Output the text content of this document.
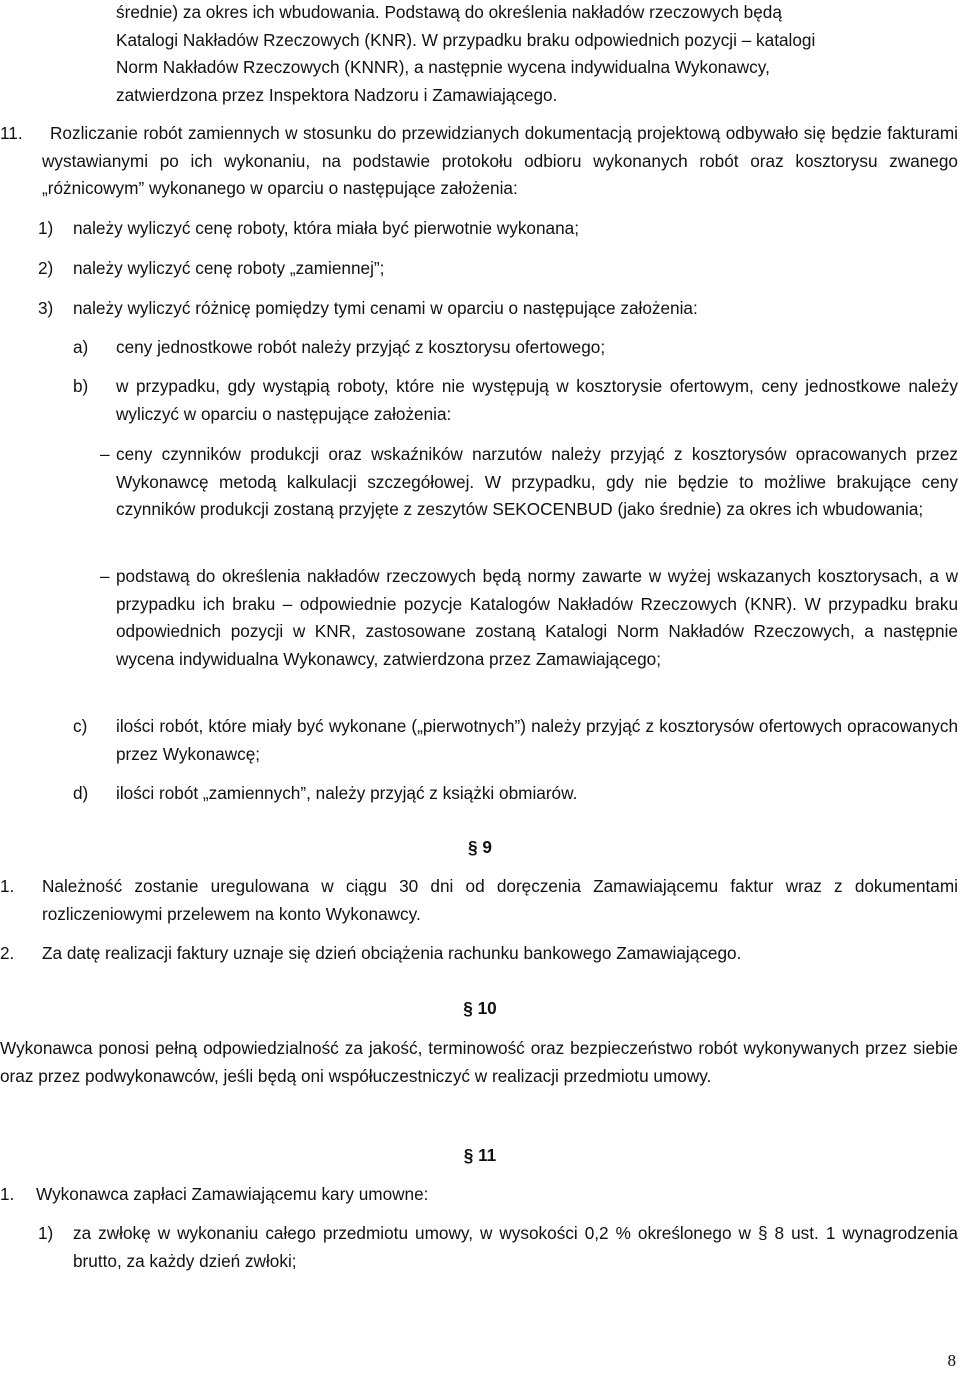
średnie) za okres ich wbudowania. Podstawą do określenia nakładów rzeczowych będą
Katalogi Nakładów Rzeczowych (KNR). W przypadku braku odpowiednich pozycji – katalogi
Norm Nakładów Rzeczowych (KNNR), a następnie wycena indywidualna Wykonawcy,
zatwierdzona przez Inspektora Nadzoru i Zamawiającego.
11.	Rozliczanie robót zamiennych w stosunku do przewidzianych dokumentacją projektową odbywało się będzie fakturami wystawianymi po ich wykonaniu, na podstawie protokołu odbioru wykonanych robót oraz kosztorysu zwanego „różnicowym” wykonanego w oparciu o następujące założenia:
1) należy wyliczyć cenę roboty, która miała być pierwotnie wykonana;
2) należy wyliczyć cenę roboty „zamiennej”;
3) należy wyliczyć różnicę pomiędzy tymi cenami w oparciu o następujące założenia:
a) ceny jednostkowe robót należy przyjąć z kosztorysu ofertowego;
b) w przypadku, gdy wystąpią roboty, które nie występują w kosztorysie ofertowym, ceny jednostkowe należy wyliczyć w oparciu o następujące założenia:
– ceny czynników produkcji oraz wskaźników narzutów należy przyjąć z kosztorysów opracowanych przez Wykonawcę metodą kalkulacji szczegółowej. W przypadku, gdy nie będzie to możliwe brakujące ceny czynników produkcji zostaną przyjęte z zeszytów SEKOCENBUD (jako średnie) za okres ich wbudowania;
– podstawą do określenia nakładów rzeczowych będą normy zawarte w wyżej wskazanych kosztorysach, a w przypadku ich braku – odpowiednie pozycje Katalogów Nakładów Rzeczowych (KNR). W przypadku braku odpowiednich pozycji w KNR, zastosowane zostaną Katalogi Norm Nakładów Rzeczowych, a następnie wycena indywidualna Wykonawcy, zatwierdzona przez Zamawiającego;
c) ilości robót, które miały być wykonane („pierwotnych”) należy przyjąć z kosztorysów ofertowych opracowanych przez Wykonawcę;
d) ilości robót „zamiennych”, należy przyjąć z książki obmiarów.
§ 9
1. Należność zostanie uregulowana w ciągu 30 dni od doręczenia Zamawiającemu faktur wraz z dokumentami rozliczeniowymi przelewem na konto Wykonawcy.
2. Za datę realizacji faktury uznaje się dzień obciążenia rachunku bankowego Zamawiającego.
§ 10
Wykonawca ponosi pełną odpowiedzialność za jakość, terminowość oraz bezpieczeństwo robót wykonywanych przez siebie oraz przez podwykonawców, jeśli będą oni współuczestniczyć w realizacji przedmiotu umowy.
§ 11
1. Wykonawca zapłaci Zamawiającemu kary umowne:
1) za zwłokę w wykonaniu całego przedmiotu umowy, w wysokości 0,2 % określonego w § 8 ust. 1 wynagrodzenia brutto, za każdy dzień zwłoki;
8
